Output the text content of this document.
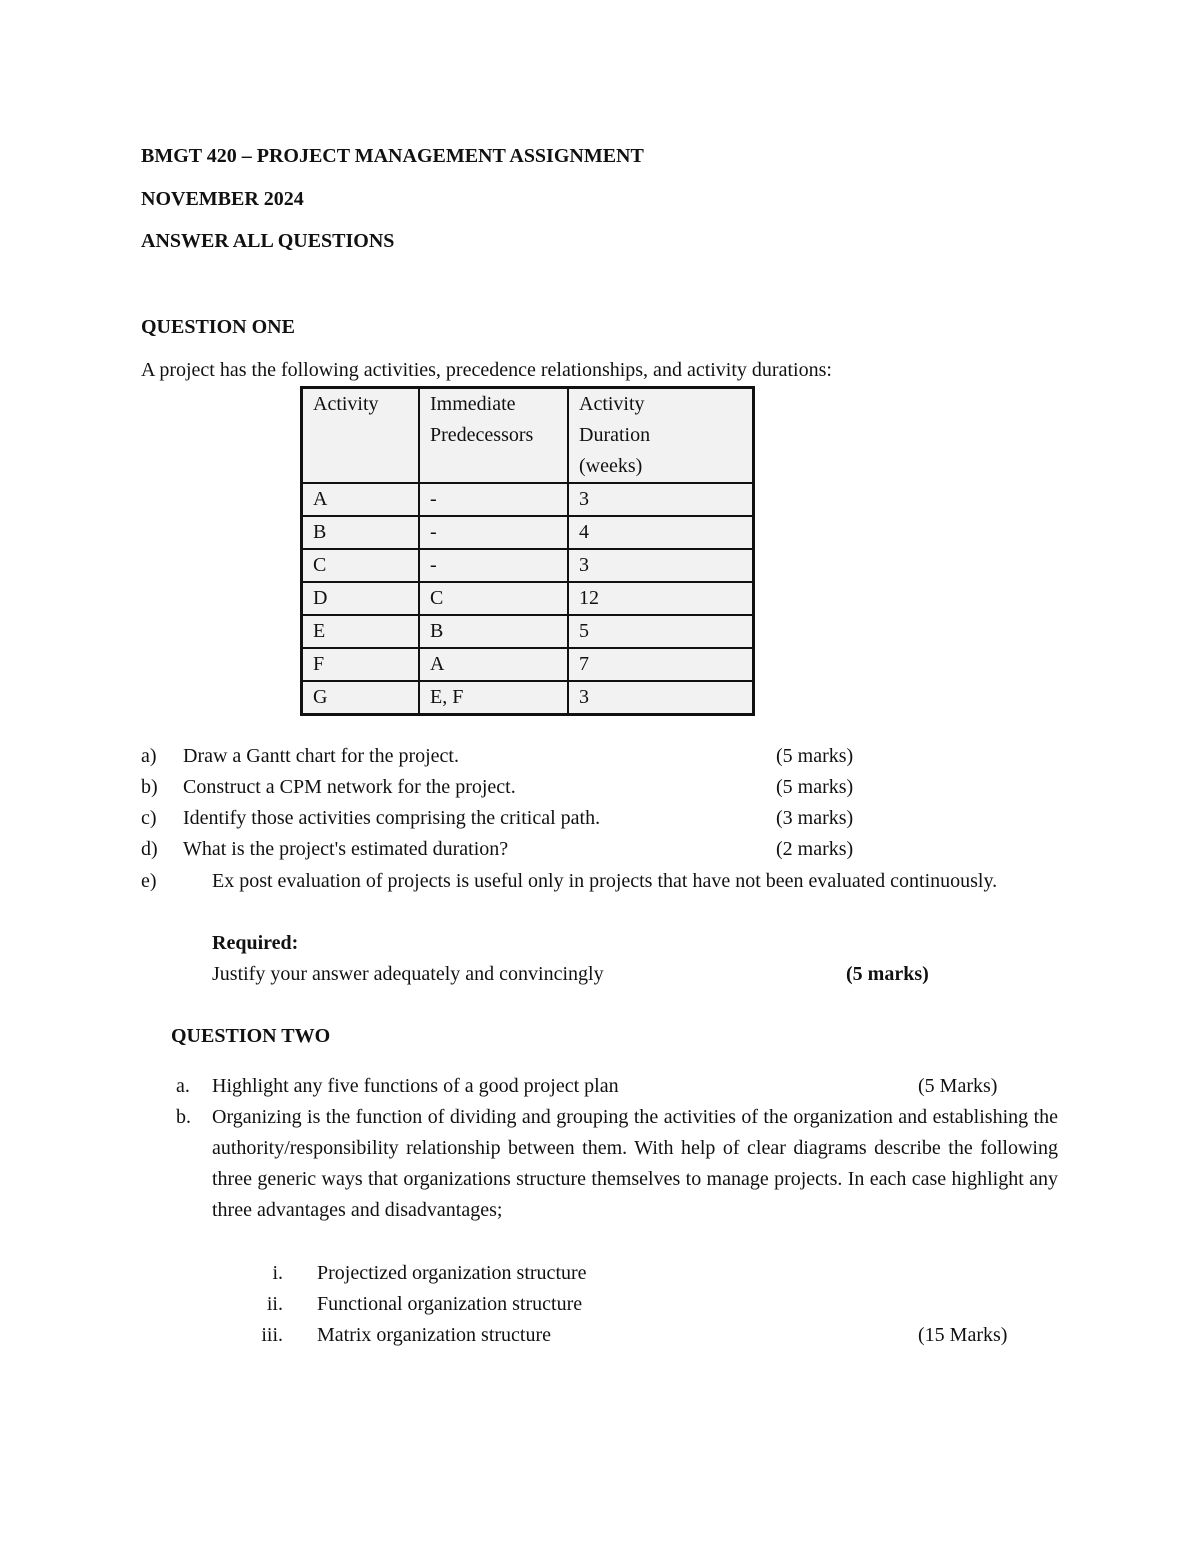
BMGT 420 – PROJECT MANAGEMENT ASSIGNMENT
NOVEMBER 2024
ANSWER ALL QUESTIONS
QUESTION ONE
A project has the following activities, precedence relationships, and activity durations:
Activity	Immediate Predecessors	Activity Duration (weeks)

A	-	3
B	-	4
C	-	3
D	C	12
E	B	5
F	A	7
G	E, F	3
a) Draw a Gantt chart for the project.	(5 marks)
b) Construct a CPM network for the project.	(5 marks)
c) Identify those activities comprising the critical path.	(3 marks)
d) What is the project's estimated duration?	(2 marks)
e)	Ex post evaluation of projects is useful only in projects that have not been evaluated continuously.
Required:
Justify your answer adequately and convincingly	(5 marks)
QUESTION TWO
a. Highlight any five functions of a good project plan	(5 Marks)
b. Organizing is the function of dividing and grouping the activities of the organization and establishing the authority/responsibility relationship between them. With help of clear diagrams describe the following three generic ways that organizations structure themselves to manage projects. In each case highlight any three advantages and disadvantages;
i. Projectized organization structure
ii. Functional organization structure
iii. Matrix organization structure	(15 Marks)
